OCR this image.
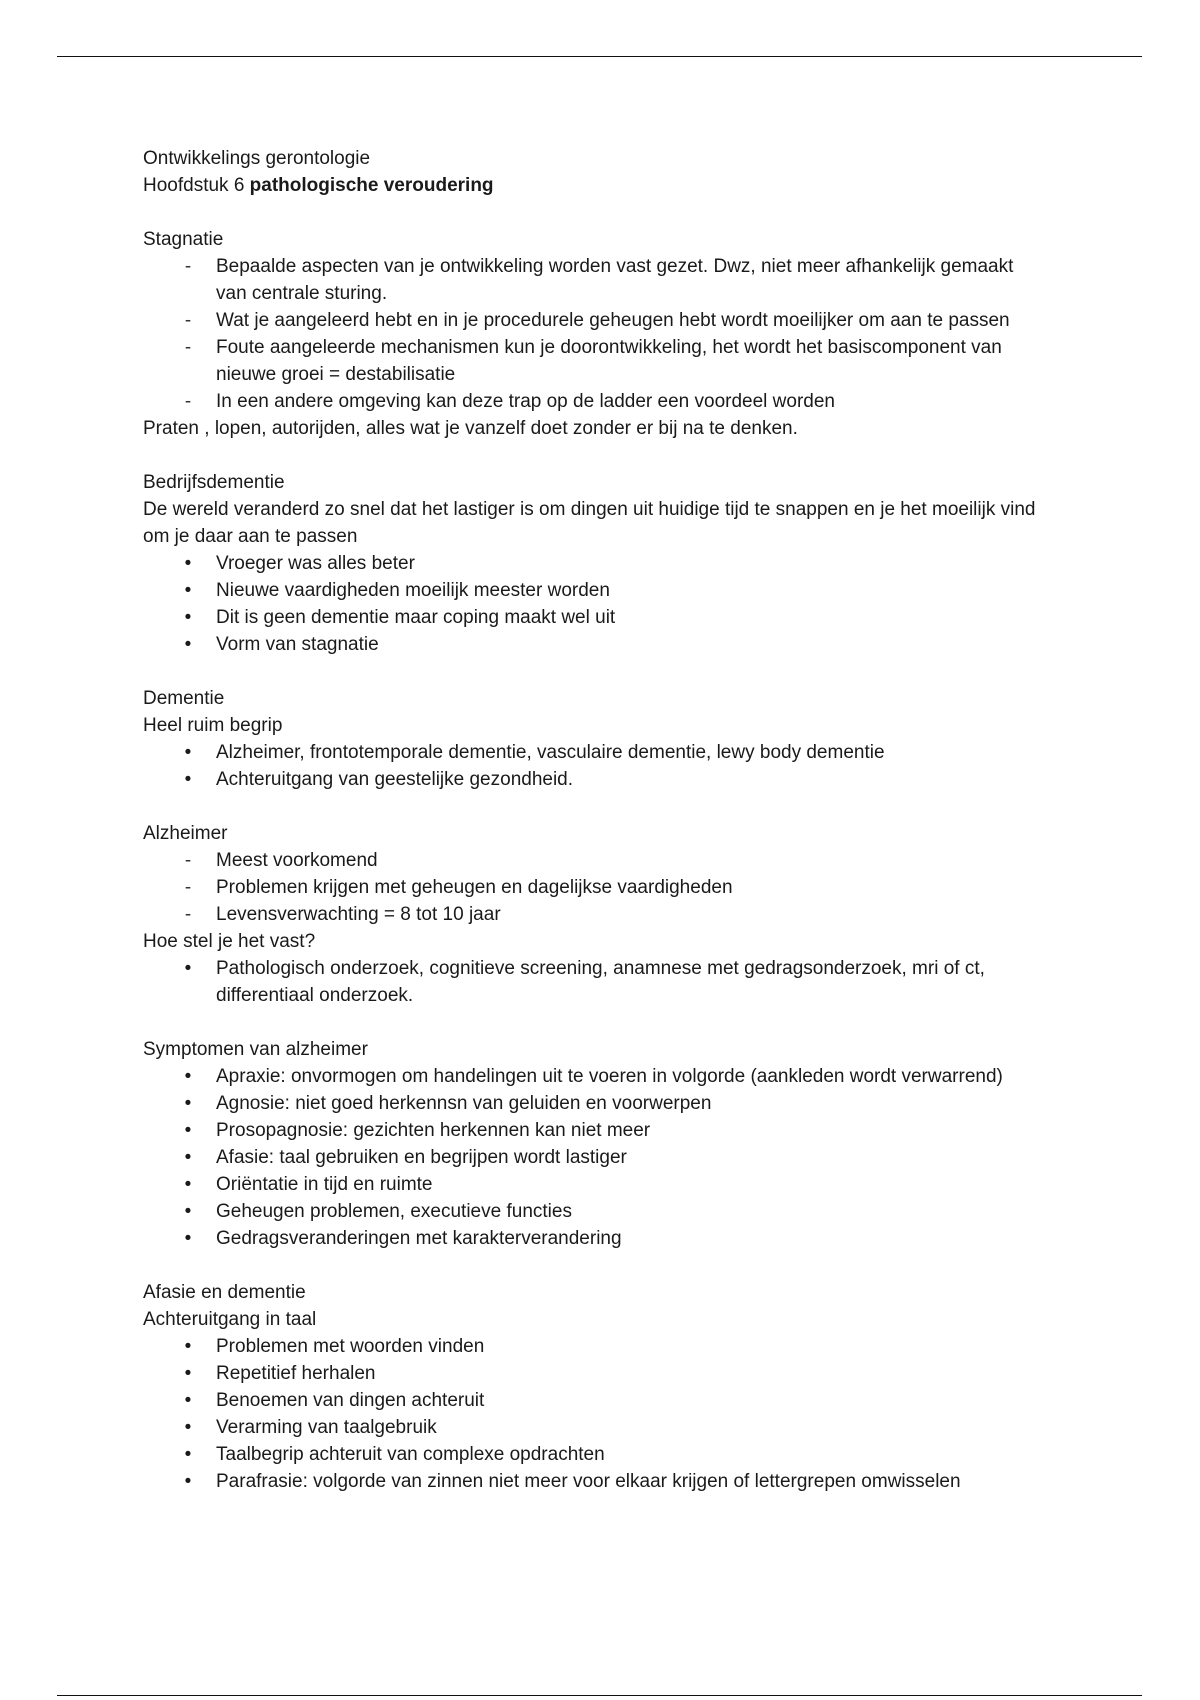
Ontwikkelings gerontologie

Hoofdstuk 6 pathologische veroudering

Stagnatie

-	Bepaalde aspecten van je ontwikkeling worden vast gezet. Dwz, niet meer afhankelijk gemaakt van centrale sturing.
-	Wat je aangeleerd hebt en in je procedurele geheugen hebt wordt moeilijker om aan te passen
-	Foute aangeleerde mechanismen kun je doorontwikkeling, het wordt het basiscomponent van nieuwe groei = destabilisatie
-	In een andere omgeving kan deze trap op de ladder een voordeel worden

Praten , lopen, autorijden, alles wat je vanzelf doet zonder er bij na te denken.

Bedrijfsdementie

De wereld veranderd zo snel dat het lastiger is om dingen uit huidige tijd te snappen en je het moeilijk vind om je daar aan te passen

•	Vroeger was alles beter
•	Nieuwe vaardigheden moeilijk meester worden
•	Dit is geen dementie maar coping maakt wel uit
•	Vorm van stagnatie

Dementie

Heel ruim begrip

•	Alzheimer, frontotemporale dementie, vasculaire dementie, lewy body dementie
•	Achteruitgang van geestelijke gezondheid.

Alzheimer

-	Meest voorkomend
-	Problemen krijgen met geheugen en dagelijkse vaardigheden
-	Levensverwachting = 8 tot 10 jaar

Hoe stel je het vast?

•	Pathologisch onderzoek, cognitieve screening, anamnese met gedragsonderzoek, mri of ct, differentiaal onderzoek.

Symptomen van alzheimer

•	Apraxie: onvormogen om handelingen uit te voeren in volgorde (aankleden wordt verwarrend)
•	Agnosie: niet goed herkennsn van geluiden en voorwerpen
•	Prosopagnosie: gezichten herkennen kan niet meer
•	Afasie: taal gebruiken en begrijpen wordt lastiger
•	Oriëntatie in tijd en ruimte
•	Geheugen problemen, executieve functies
•	Gedragsveranderingen met karakterverandering

Afasie en dementie

Achteruitgang in taal

•	Problemen met woorden vinden
•	Repetitief herhalen
•	Benoemen van dingen achteruit
•	Verarming van taalgebruik
•	Taalbegrip achteruit van complexe opdrachten
•	Parafrasie: volgorde van zinnen niet meer voor elkaar krijgen of lettergrepen omwisselen
